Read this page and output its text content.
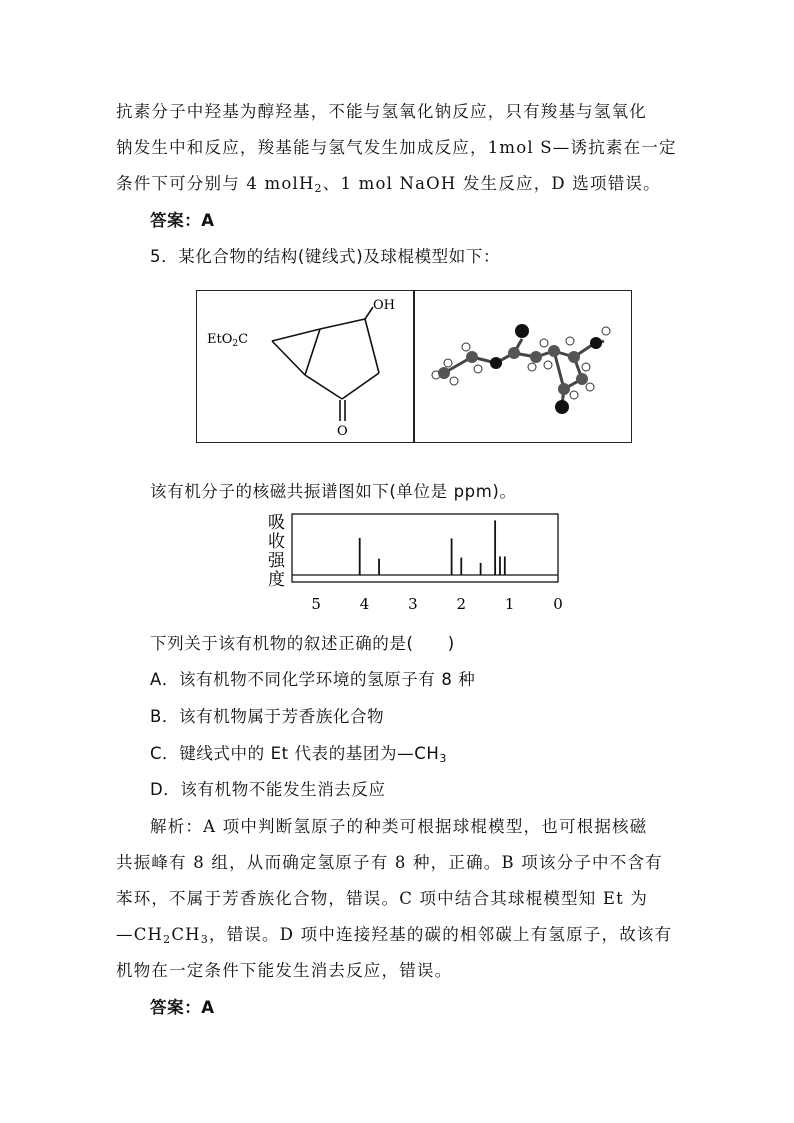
抗素分子中羟基为醇羟基，不能与氢氧化钠反应，只有羧基与氢氧化
钠发生中和反应，羧基能与氢气发生加成反应，1mol S—诱抗素在一定
条件下可分别与 4 molH$_2$、1 mol NaOH 发生反应，D 选项错误。
答案：A
5．某化合物的结构(键线式)及球棍模型如下：
EtO$_2$C
OH
O
该有机分子的核磁共振谱图如下(单位是 ppm)。
吸
收
强
度
5	4	3	2	1	0
下列关于该有机物的叙述正确的是(　　)
A．该有机物不同化学环境的氢原子有 8 种
B．该有机物属于芳香族化合物
C．键线式中的 Et 代表的基团为$—CH_3$
D．该有机物不能发生消去反应
解析：A 项中判断氢原子的种类可根据球棍模型，也可根据核磁
共振峰有 8 组，从而确定氢原子有 8 种，正确。B 项该分子中不含有
苯环，不属于芳香族化合物，错误。C 项中结合其球棍模型知 Et 为
$—CH_2CH_3$，错误。D 项中连接羟基的碳的相邻碳上有氢原子，故该有
机物在一定条件下能发生消去反应，错误。
答案：A
